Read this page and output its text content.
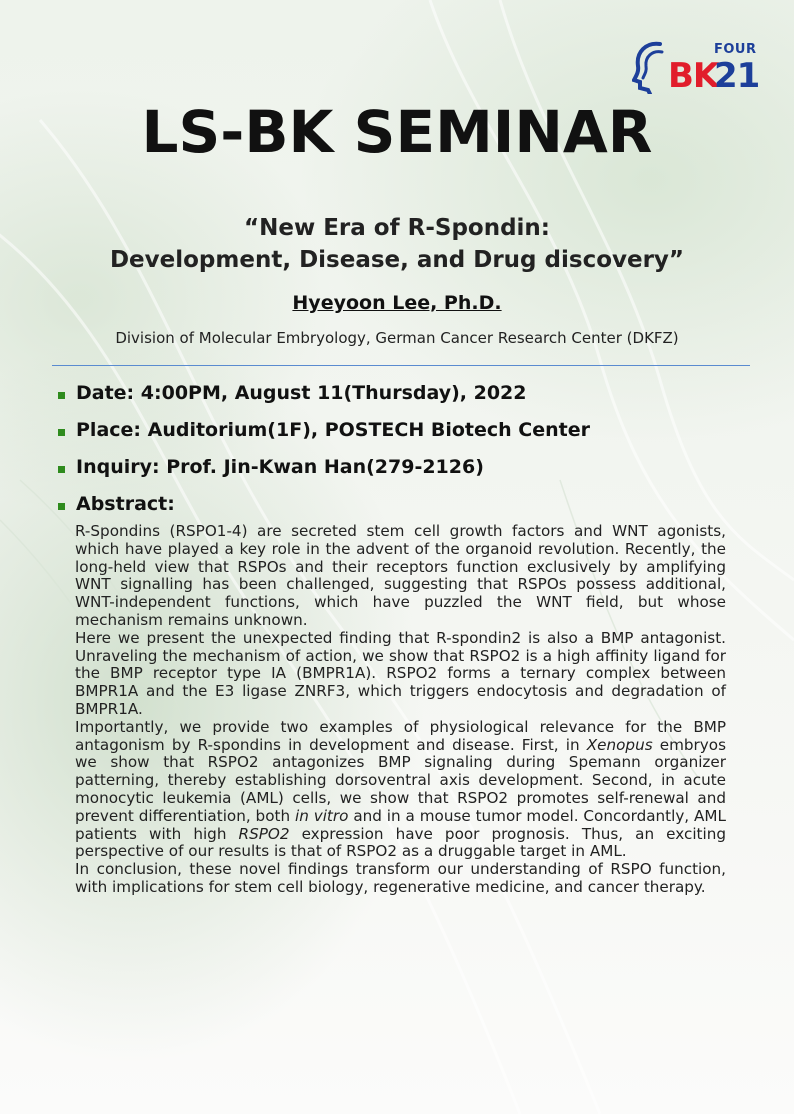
FOUR
BK
21
LS-BK SEMINAR
“New Era of R-Spondin:
Development, Disease, and Drug discovery”
Hyeyoon Lee, Ph.D.
Division of Molecular Embryology, German Cancer Research Center (DKFZ)
Date: 4:00PM, August 11(Thursday), 2022
Place: Auditorium(1F), POSTECH Biotech Center
Inquiry: Prof. Jin-Kwan Han(279-2126)
Abstract:

R-Spondins (RSPO1-4) are secreted stem cell growth factors and WNT agonists, which have played a key role in the advent of the organoid revolution. Recently, the long-held view that RSPOs and their receptors function exclusively by amplifying WNT signalling has been challenged, suggesting that RSPOs possess additional, WNT-independent functions, which have puzzled the WNT field, but whose mechanism remains unknown.

Here we present the unexpected finding that R-spondin2 is also a BMP antagonist. Unraveling the mechanism of action, we show that RSPO2 is a high affinity ligand for the BMP receptor type IA (BMPR1A). RSPO2 forms a ternary complex between BMPR1A and the E3 ligase ZNRF3, which triggers endocytosis and degradation of BMPR1A.

Importantly, we provide two examples of physiological relevance for the BMP antagonism by R-spondins in development and disease. First, in Xenopus embryos we show that RSPO2 antagonizes BMP signaling during Spemann organizer patterning, thereby establishing dorsoventral axis development. Second, in acute monocytic leukemia (AML) cells, we show that RSPO2 promotes self-renewal and prevent differentiation, both in vitro and in a mouse tumor model. Concordantly, AML patients with high RSPO2 expression have poor prognosis. Thus, an exciting perspective of our results is that of RSPO2 as a druggable target in AML.

In conclusion, these novel findings transform our understanding of RSPO function, with implications for stem cell biology, regenerative medicine, and cancer therapy.
